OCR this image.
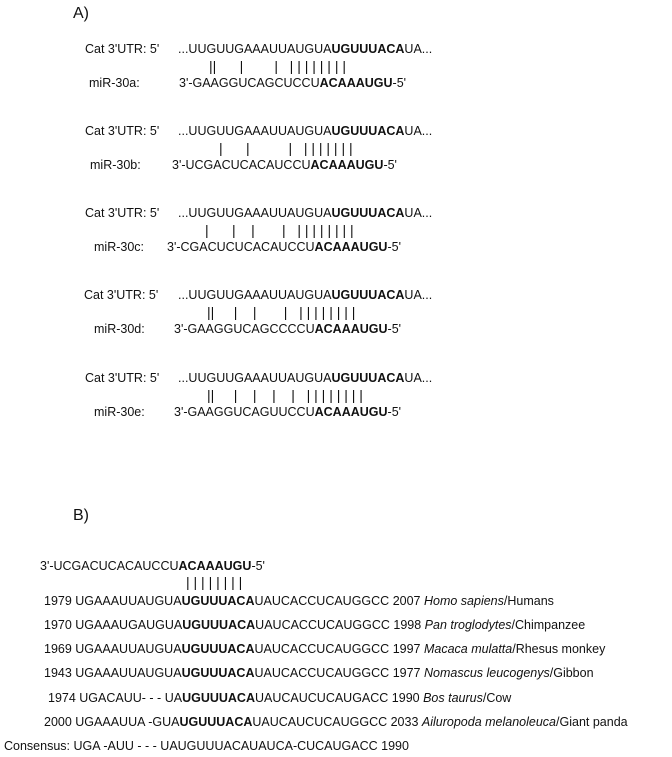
A)
Cat 3'UTR: 5' ...UUGUUGAAAUUAUGUAUGUUUACAUA...
||      |        |   | | | | | | | |
miR-30a:	3'-GAAGGUCAGCUCCUACAAAUGU-5'
Cat 3'UTR: 5' ...UUGUUGAAAUUAUGUAUGUUUACAUA...
|      |          |   | | | | | | |
miR-30b:	3'-UCGACUCACAUCCUACAAAUGU-5'
Cat 3'UTR: 5' ...UUGUUGAAAUUAUGUAUGUUUACAUA...
|      |    |       |   | | | | | | | |
miR-30c: 3'-CGACUCUCACAUCCUACAAAUGU-5'
Cat 3'UTR: 5' ...UUGUUGAAAUUAUGUAUGUUUACAUA...
||     |    |       |   | | | | | | | |
miR-30d: 3'-GAAGGUCAGCCCCUACAAAUGU-5'
Cat 3'UTR: 5' ...UUGUUGAAAUUAUGUAUGUUUACAUA...
||     |    |    |    |   | | | | | | | |
miR-30e: 3'-GAAGGUCAGUUCCUACAAAUGU-5'
B)
3'-UCGACUCACAUCCUACAAAUGU-5'
| | | | | | | |
1979 UGAAAUUAUGUAUGUUUACAUAUCACCUCAUGGCC 2007 Homo sapiens/Humans
1970 UGAAAUGAUGUAUGUUUACAUAUCACCUCAUGGCC 1998 Pan troglodytes/Chimpanzee
1969 UGAAAUUAUGUAUGUUUACAUAUCACCUCAUGGCC 1997 Macaca mulatta/Rhesus monkey
1943 UGAAAUUAUGUAUGUUUACAUAUCACCUCAUGGCC 1977 Nomascus leucogenys/Gibbon
1974 UGACAUU- - - UAUGUUUACAUAUCAUCUCAUGACC 1990 Bos taurus/Cow
2000 UGAAAUUA -GUAUGUUUACAUAUCAUCUCAUGGCC 2033 Ailuropoda melanoleuca/Giant panda
Consensus: UGA -AUU - - - UAUGUUUACAUAUCA-CUCAUGACC 1990
